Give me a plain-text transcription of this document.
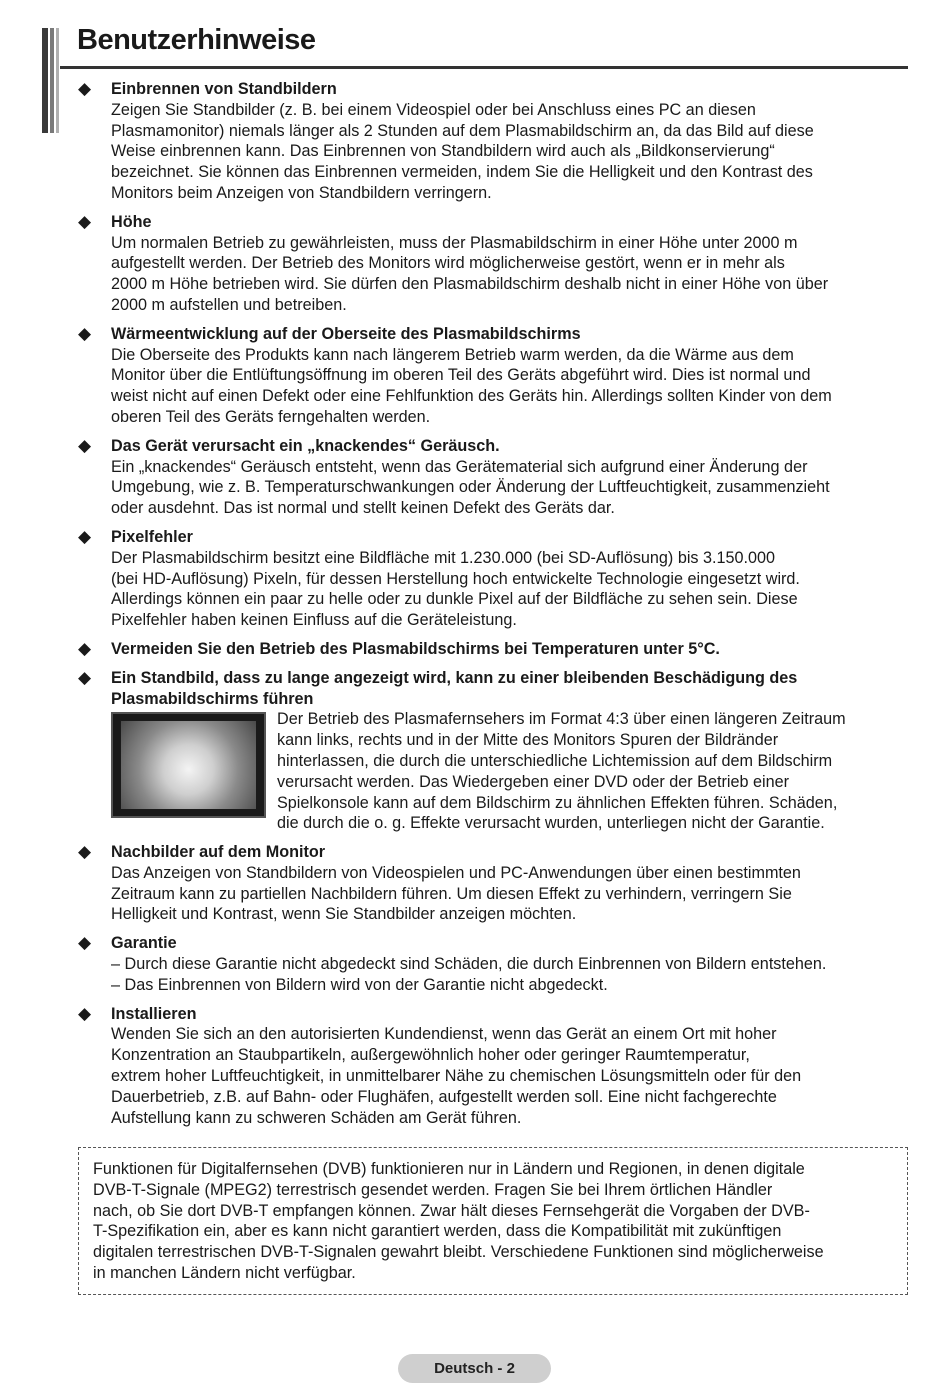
Benutzerhinweise
◆ Einbrennen von Standbildern
Zeigen Sie Standbilder (z. B. bei einem Videospiel oder bei Anschluss eines PC an diesen
Plasmamonitor) niemals länger als 2 Stunden auf dem Plasmabildschirm an, da das Bild auf diese
Weise einbrennen kann. Das Einbrennen von Standbildern wird auch als „Bildkonservierung“
bezeichnet. Sie können das Einbrennen vermeiden, indem Sie die Helligkeit und den Kontrast des
Monitors beim Anzeigen von Standbildern verringern.
◆ Höhe
Um normalen Betrieb zu gewährleisten, muss der Plasmabildschirm in einer Höhe unter 2000 m
aufgestellt werden. Der Betrieb des Monitors wird möglicherweise gestört, wenn er in mehr als
2000 m Höhe betrieben wird. Sie dürfen den Plasmabildschirm deshalb nicht in einer Höhe von über
2000 m aufstellen und betreiben.
◆ Wärmeentwicklung auf der Oberseite des Plasmabildschirms
Die Oberseite des Produkts kann nach längerem Betrieb warm werden, da die Wärme aus dem
Monitor über die Entlüftungsöffnung im oberen Teil des Geräts abgeführt wird. Dies ist normal und
weist nicht auf einen Defekt oder eine Fehlfunktion des Geräts hin. Allerdings sollten Kinder von dem
oberen Teil des Geräts ferngehalten werden.
◆ Das Gerät verursacht ein „knackendes“ Geräusch.
Ein „knackendes“ Geräusch entsteht, wenn das Gerätematerial sich aufgrund einer Änderung der
Umgebung, wie z. B. Temperaturschwankungen oder Änderung der Luftfeuchtigkeit, zusammenzieht
oder ausdehnt. Das ist normal und stellt keinen Defekt des Geräts dar.
◆ Pixelfehler
Der Plasmabildschirm besitzt eine Bildfläche mit 1.230.000 (bei SD-Auflösung) bis 3.150.000
(bei HD-Auflösung) Pixeln, für dessen Herstellung hoch entwickelte Technologie eingesetzt wird.
Allerdings können ein paar zu helle oder zu dunkle Pixel auf der Bildfläche zu sehen sein. Diese
Pixelfehler haben keinen Einfluss auf die Geräteleistung.
◆ Vermeiden Sie den Betrieb des Plasmabildschirms bei Temperaturen unter 5°C.
◆ Ein Standbild, dass zu lange angezeigt wird, kann zu einer bleibenden Beschädigung des
Plasmabildschirms führen
Der Betrieb des Plasmafernsehers im Format 4:3 über einen längeren Zeitraum
kann links, rechts und in der Mitte des Monitors Spuren der Bildränder
hinterlassen, die durch die unterschiedliche Lichtemission auf dem Bildschirm
verursacht werden. Das Wiedergeben einer DVD oder der Betrieb einer
Spielkonsole kann auf dem Bildschirm zu ähnlichen Effekten führen. Schäden,
die durch die o. g. Effekte verursacht wurden, unterliegen nicht der Garantie.
◆ Nachbilder auf dem Monitor
Das Anzeigen von Standbildern von Videospielen und PC-Anwendungen über einen bestimmten
Zeitraum kann zu partiellen Nachbildern führen. Um diesen Effekt zu verhindern, verringern Sie
Helligkeit und Kontrast, wenn Sie Standbilder anzeigen möchten.
◆ Garantie
– Durch diese Garantie nicht abgedeckt sind Schäden, die durch Einbrennen von Bildern entstehen.
– Das Einbrennen von Bildern wird von der Garantie nicht abgedeckt.
◆ Installieren
Wenden Sie sich an den autorisierten Kundendienst, wenn das Gerät an einem Ort mit hoher
Konzentration an Staubpartikeln, außergewöhnlich hoher oder geringer Raumtemperatur,
extrem hoher Luftfeuchtigkeit, in unmittelbarer Nähe zu chemischen Lösungsmitteln oder für den
Dauerbetrieb, z.B. auf Bahn- oder Flughäfen, aufgestellt werden soll. Eine nicht fachgerechte
Aufstellung kann zu schweren Schäden am Gerät führen.
Funktionen für Digitalfernsehen (DVB) funktionieren nur in Ländern und Regionen, in denen digitale
DVB-T-Signale (MPEG2) terrestrisch gesendet werden. Fragen Sie bei Ihrem örtlichen Händler
nach, ob Sie dort DVB-T empfangen können. Zwar hält dieses Fernsehgerät die Vorgaben der DVB-
T-Spezifikation ein, aber es kann nicht garantiert werden, dass die Kompatibilität mit zukünftigen
digitalen terrestrischen DVB-T-Signalen gewahrt bleibt. Verschiedene Funktionen sind möglicherweise
in manchen Ländern nicht verfügbar.
Deutsch - 2
